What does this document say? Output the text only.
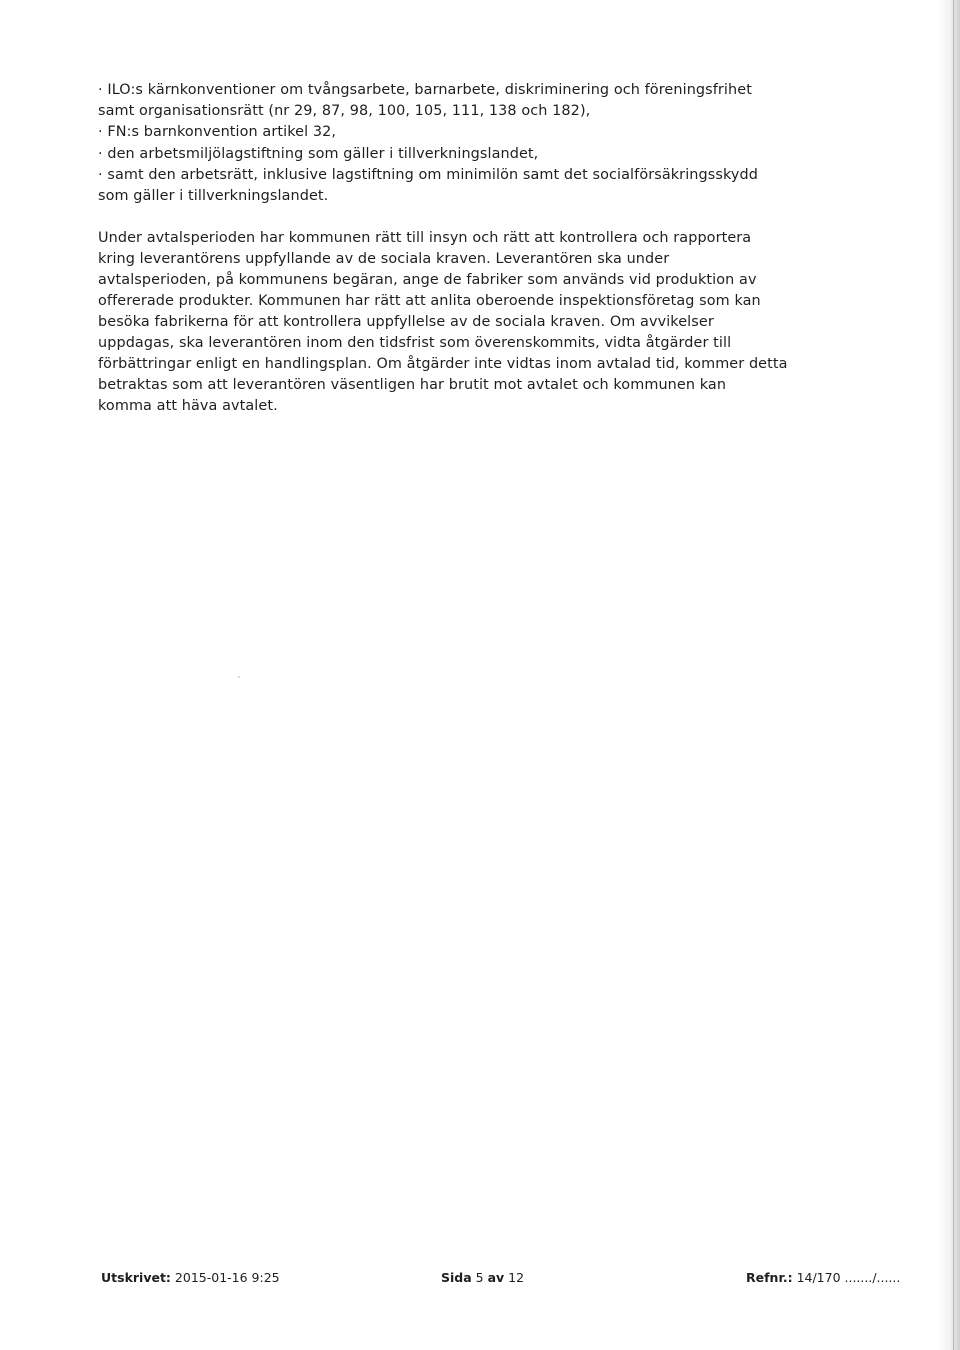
· ILO:s kärnkonventioner om tvångsarbete, barnarbete, diskriminering och föreningsfrihet

samt organisationsrätt (nr 29, 87, 98, 100, 105, 111, 138 och 182),

· FN:s barnkonvention artikel 32,

· den arbetsmiljölagstiftning som gäller i tillverkningslandet,

· samt den arbetsrätt, inklusive lagstiftning om minimilön samt det socialförsäkringsskydd

som gäller i tillverkningslandet.

Under avtalsperioden har kommunen rätt till insyn och rätt att kontrollera och rapportera

kring leverantörens uppfyllande av de sociala kraven. Leverantören ska under

avtalsperioden, på kommunens begäran, ange de fabriker som används vid produktion av

offererade produkter. Kommunen har rätt att anlita oberoende inspektionsföretag som kan

besöka fabrikerna för att kontrollera uppfyllelse av de sociala kraven. Om avvikelser

uppdagas, ska leverantören inom den tidsfrist som överenskommits, vidta åtgärder till

förbättringar enligt en handlingsplan. Om åtgärder inte vidtas inom avtalad tid, kommer detta

betraktas som att leverantören väsentligen har brutit mot avtalet och kommunen kan

komma att häva avtalet.

Utskrivet: 2015-01-16 9:25	Sida 5 av 12	Refnr.: 14/170 ......./......
